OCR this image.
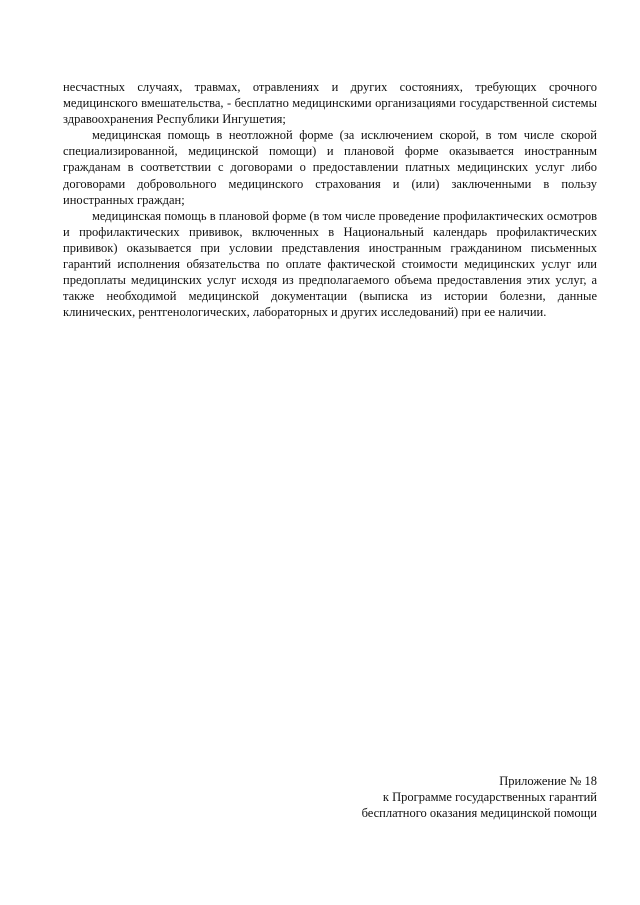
несчастных случаях, травмах, отравлениях и других состояниях, требующих срочного медицинского вмешательства, - бесплатно медицинскими организациями государственной системы здравоохранения Республики Ингушетия;

медицинская помощь в неотложной форме (за исключением скорой, в том числе скорой специализированной, медицинской помощи) и плановой форме оказывается иностранным гражданам в соответствии с договорами о предоставлении платных медицинских услуг либо договорами добровольного медицинского страхования и (или) заключенными в пользу иностранных граждан;

медицинская помощь в плановой форме (в том числе проведение профилактических осмотров и профилактических прививок, включенных в Национальный календарь профилактических прививок) оказывается при условии представления иностранным гражданином письменных гарантий исполнения обязательства по оплате фактической стоимости медицинских услуг или предоплаты медицинских услуг исходя из предполагаемого объема предоставления этих услуг, а также необходимой медицинской документации (выписка из истории болезни, данные клинических, рентгенологических, лабораторных и других исследований) при ее наличии.

Приложение № 18
к Программе государственных гарантий
бесплатного оказания медицинской помощи
